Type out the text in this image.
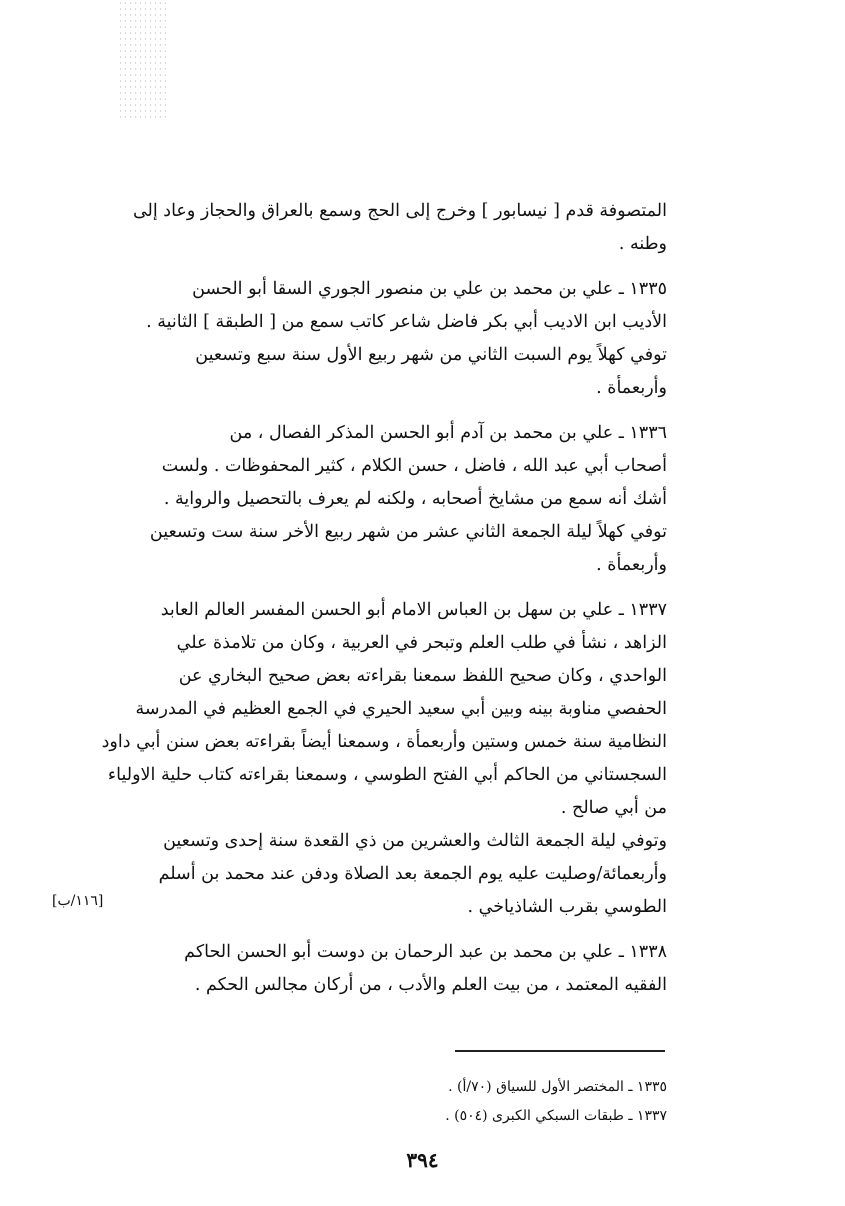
المتصوفة قدم [ نيسابور ] وخرج إلى الحج وسمع بالعراق والحجاز وعاد إلى
وطنه .
١٣٣٥ ـ علي بن محمد بن علي بن منصور الجوري السقا أبو الحسن
الأديب ابن الاديب أبي بكر فاضل شاعر كاتب سمع من [ الطبقة ] الثانية .
توفي كهلاً يوم السبت الثاني من شهر ربيع الأول سنة سبع وتسعين
وأربعمأة .
١٣٣٦ ـ علي بن محمد بن آدم أبو الحسن المذكر الفصال ، من
أصحاب أبي عبد الله ، فاضل ، حسن الكلام ، كثير المحفوظات . ولست
أشك أنه سمع من مشايخ أصحابه ، ولكنه لم يعرف بالتحصيل والرواية .
توفي كهلاً ليلة الجمعة الثاني عشر من شهر ربيع الأخر سنة ست وتسعين
وأربعمأة .
١٣٣٧ ـ علي بن سهل بن العباس الامام أبو الحسن المفسر العالم العابد
الزاهد ، نشأ في طلب العلم وتبحر في العربية ، وكان من تلامذة علي
الواحدي ، وكان صحيح اللفظ سمعنا بقراءته بعض صحيح البخاري عن
الحفصي مناوبة بينه وبين أبي سعيد الحيري في الجمع العظيم في المدرسة
النظامية سنة خمس وستين وأربعمأة ، وسمعنا أيضاً بقراءته بعض سنن أبي داود
السجستاني من الحاكم أبي الفتح الطوسي ، وسمعنا بقراءته كتاب حلية الاولياء
من أبي صالح .
وتوفي ليلة الجمعة الثالث والعشرين من ذي القعدة سنة إحدى وتسعين
وأربعمائة/وصليت عليه يوم الجمعة بعد الصلاة ودفن عند محمد بن أسلم
الطوسي بقرب الشاذياخي .
١٣٣٨ ـ علي بن محمد بن عبد الرحمان بن دوست أبو الحسن الحاكم
الفقيه المعتمد ، من بيت العلم والأدب ، من أركان مجالس الحكم .
[١١٦/ب]
١٣٣٥ ـ المختصر الأول للسياق (٧٠/أ) .
١٣٣٧ ـ طبقات السبكي الكبرى (٥٠٤) .
٣٩٤
